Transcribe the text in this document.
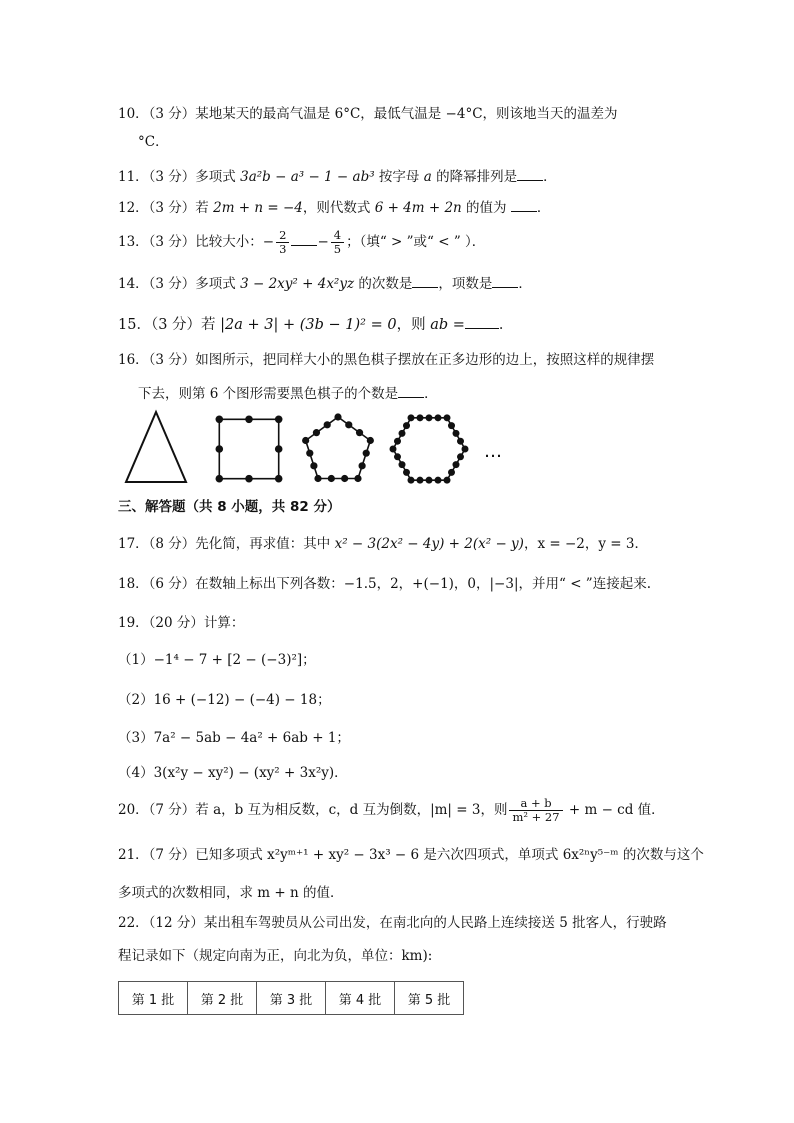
10．（3 分）某地某天的最高气温是 6°C，最低气温是 −4°C，则该地当天的温差为
°C．
11．（3 分）多项式 3a²b − a³ − 1 − ab³ 按字母 a 的降幂排列是 ．
12．（3 分）若 2m + n = −4，则代数式 6 + 4m + 2n 的值为 ．
13．（3 分）比较大小：− $\frac{2}{3} - \frac{4}{5}$ ；（填“ > ”或“ < ” ）．
14．（3 分）多项式 3 − 2xy² + 4x²yz 的次数是 ，项数是 ．
15．（3 分）若 |2a + 3| + (3b − 1)² = 0，则 ab = ．
16．（3 分）如图所示，把同样大小的黑色棋子摆放在正多边形的边上，按照这样的规律摆
下去，则第 6 个图形需要黑色棋子的个数是 ．
…
三、解答题（共 8 小题，共 82 分）
17．（8 分）先化简，再求值：其中 x² − 3(2x² − 4y) + 2(x² − y)，x = −2，y = 3．
18．（6 分）在数轴上标出下列各数：−1.5，2，+(−1)，0，|−3|，并用“ < ”连接起来.
19．（20 分）计算：
（1）−1⁴ − 7 + [2 − (−3)²]；
（2）16 + (−12) − (−4) − 18；
（3）7a² − 5ab − 4a² + 6ab + 1；
（4）3(x²y − xy²) − (xy² + 3x²y)．
20．（7 分）若 a，b 互为相反数，c，d 互为倒数，|m| = 3，则 $\frac{a + b}{\text{m² + 27}} + m$ − cd 值．
21．（7 分）已知多项式 x²yᵐ⁺¹ + xy² − 3x³ − 6 是六次四项式，单项式 6x²ⁿy⁵⁻ᵐ 的次数与这个
多项式的次数相同，求 m + n 的值．
22．（12 分）某出租车驾驶员从公司出发，在南北向的人民路上连续接送 5 批客人，行驶路
程记录如下（规定向南为正，向北为负，单位：km):
第 1 批	第 2 批	第 3 批	第 4 批	第 5 批
